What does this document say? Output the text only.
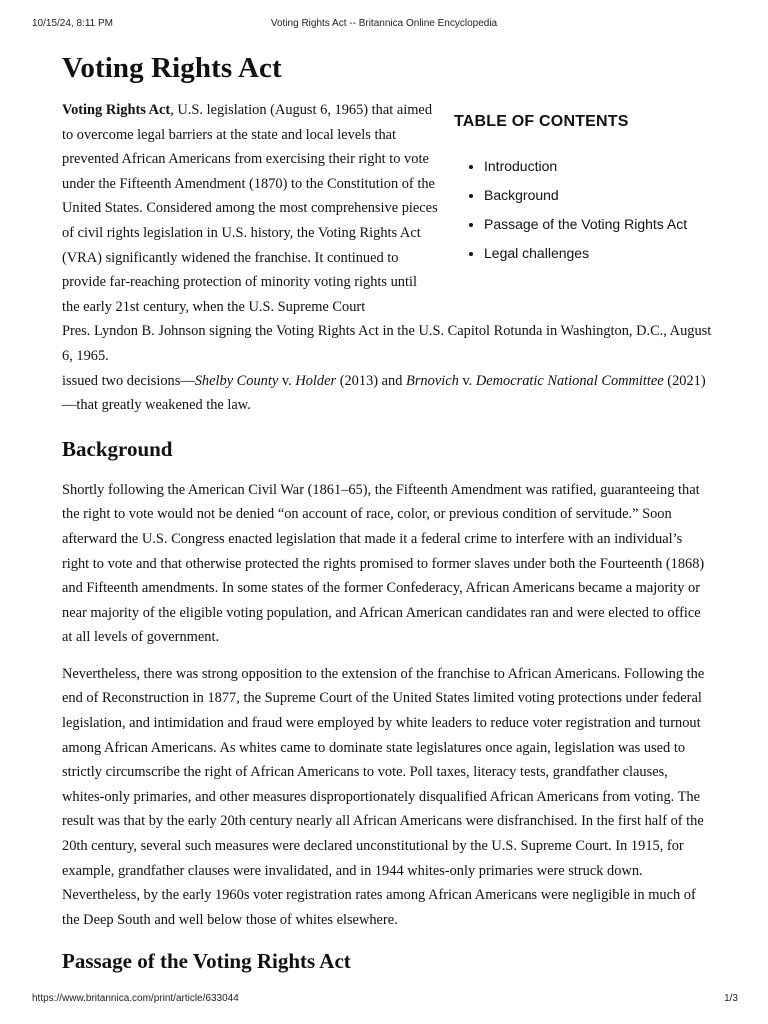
10/15/24, 8:11 PM	Voting Rights Act -- Britannica Online Encyclopedia
Voting Rights Act
TABLE OF CONTENTS
• Introduction
• Background
• Passage of the Voting Rights Act
• Legal challenges

Voting Rights Act, U.S. legislation (August 6, 1965) that aimed to overcome legal barriers at the state and local levels that prevented African Americans from exercising their right to vote under the Fifteenth Amendment (1870) to the Constitution of the United States. Considered among the most comprehensive pieces of civil rights legislation in U.S. history, the Voting Rights Act (VRA) significantly widened the franchise. It continued to provide far-reaching protection of minority voting rights until the early 21st century, when the U.S. Supreme Court

Pres. Lyndon B. Johnson signing the Voting Rights Act in the U.S. Capitol Rotunda in Washington, D.C., August 6, 1965.

issued two decisions—Shelby County v. Holder (2013) and Brnovich v. Democratic National Committee (2021)—that greatly weakened the law.

Background

Shortly following the American Civil War (1861–65), the Fifteenth Amendment was ratified, guaranteeing that the right to vote would not be denied “on account of race, color, or previous condition of servitude.” Soon afterward the U.S. Congress enacted legislation that made it a federal crime to interfere with an individual’s right to vote and that otherwise protected the rights promised to former slaves under both the Fourteenth (1868) and Fifteenth amendments. In some states of the former Confederacy, African Americans became a majority or near majority of the eligible voting population, and African American candidates ran and were elected to office at all levels of government.

Nevertheless, there was strong opposition to the extension of the franchise to African Americans. Following the end of Reconstruction in 1877, the Supreme Court of the United States limited voting protections under federal legislation, and intimidation and fraud were employed by white leaders to reduce voter registration and turnout among African Americans. As whites came to dominate state legislatures once again, legislation was used to strictly circumscribe the right of African Americans to vote. Poll taxes, literacy tests, grandfather clauses, whites-only primaries, and other measures disproportionately disqualified African Americans from voting. The result was that by the early 20th century nearly all African Americans were disfranchised. In the first half of the 20th century, several such measures were declared unconstitutional by the U.S. Supreme Court. In 1915, for example, grandfather clauses were invalidated, and in 1944 whites-only primaries were struck down. Nevertheless, by the early 1960s voter registration rates among African Americans were negligible in much of the Deep South and well below those of whites elsewhere.

Passage of the Voting Rights Act
https://www.britannica.com/print/article/633044	1/3
